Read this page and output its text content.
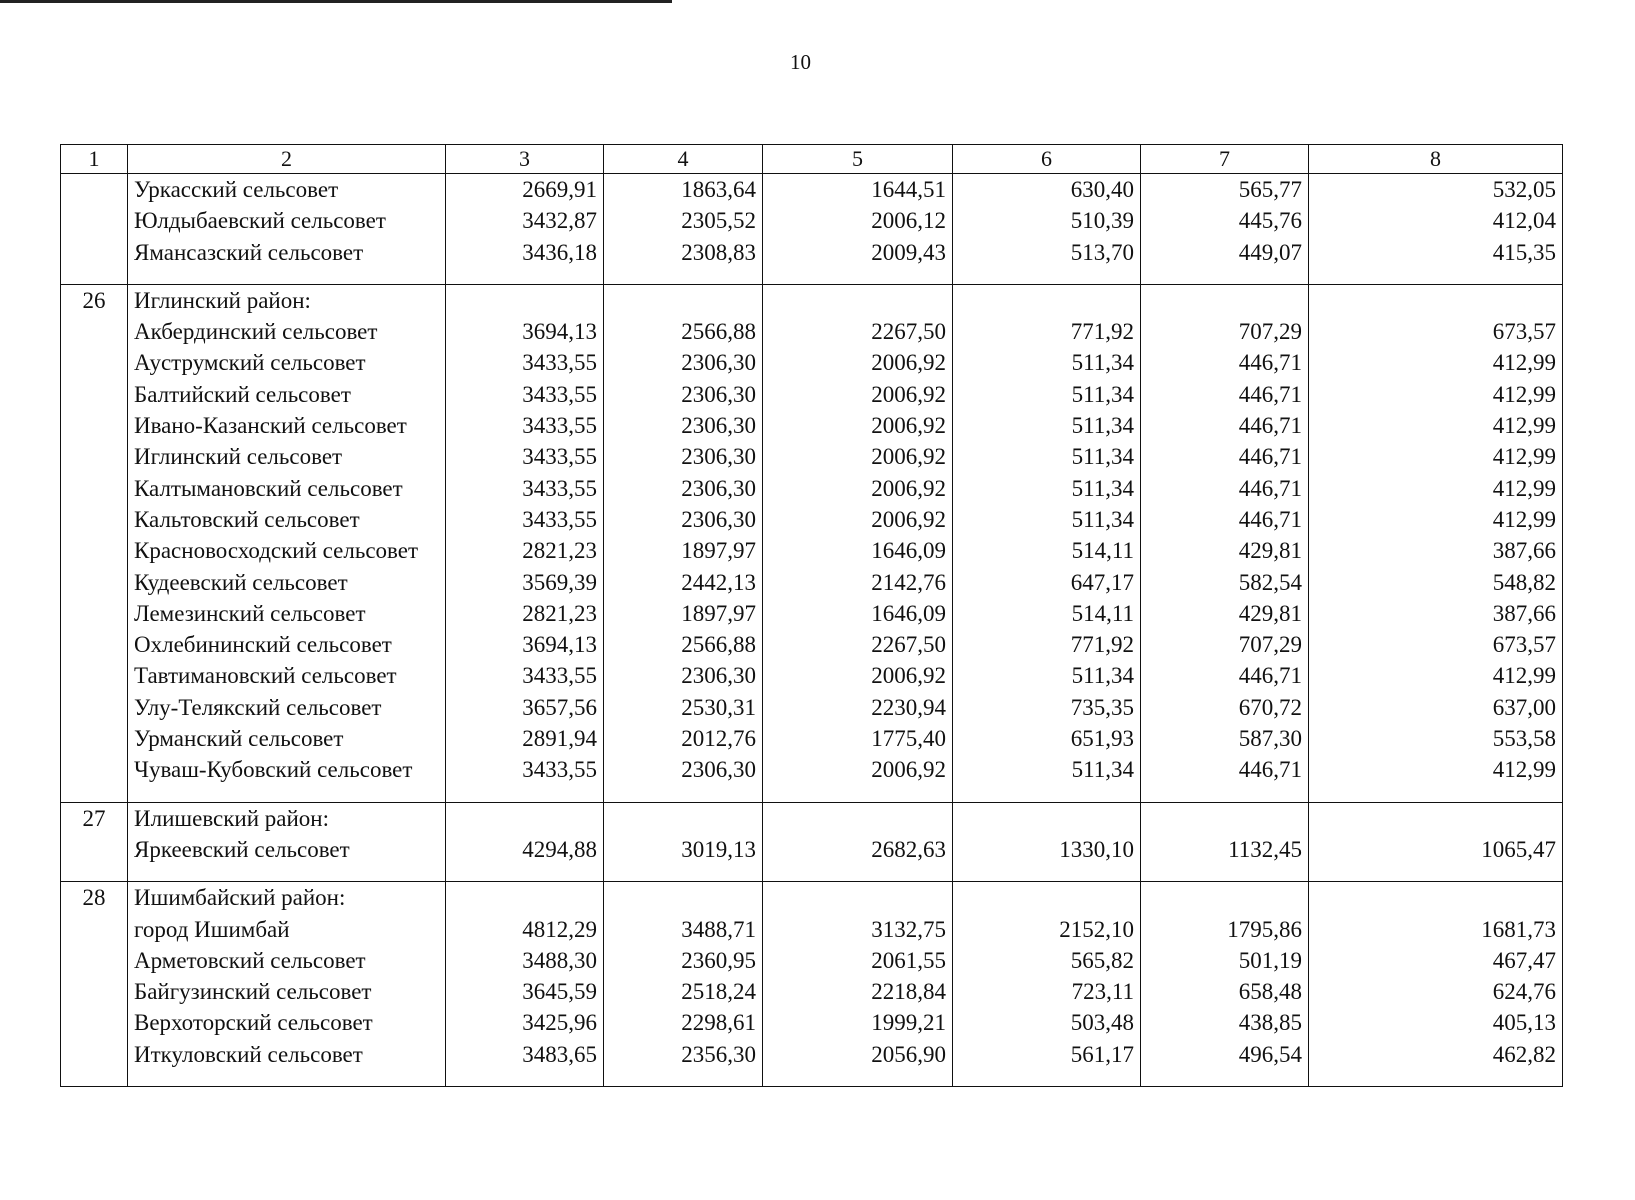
10
1	2	3	4	5	6	7	8
	Уркасский сельсовет	2669,91	1863,64	1644,51	630,40	565,77	532,05
	Юлдыбаевский сельсовет	3432,87	2305,52	2006,12	510,39	445,76	412,04
	Ямансазский сельсовет	3436,18	2308,83	2009,43	513,70	449,07	415,35

26	Иглинский район:						
	Акбердинский сельсовет	3694,13	2566,88	2267,50	771,92	707,29	673,57
	Ауструмский сельсовет	3433,55	2306,30	2006,92	511,34	446,71	412,99
	Балтийский сельсовет	3433,55	2306,30	2006,92	511,34	446,71	412,99
	Ивано-Казанский сельсовет	3433,55	2306,30	2006,92	511,34	446,71	412,99
	Иглинский сельсовет	3433,55	2306,30	2006,92	511,34	446,71	412,99
	Калтымановский сельсовет	3433,55	2306,30	2006,92	511,34	446,71	412,99
	Кальтовский сельсовет	3433,55	2306,30	2006,92	511,34	446,71	412,99
	Красновосходский сельсовет	2821,23	1897,97	1646,09	514,11	429,81	387,66
	Кудеевский сельсовет	3569,39	2442,13	2142,76	647,17	582,54	548,82
	Лемезинский сельсовет	2821,23	1897,97	1646,09	514,11	429,81	387,66
	Охлебининский сельсовет	3694,13	2566,88	2267,50	771,92	707,29	673,57
	Тавтимановский сельсовет	3433,55	2306,30	2006,92	511,34	446,71	412,99
	Улу-Телякский сельсовет	3657,56	2530,31	2230,94	735,35	670,72	637,00
	Урманский сельсовет	2891,94	2012,76	1775,40	651,93	587,30	553,58
	Чуваш-Кубовский сельсовет	3433,55	2306,30	2006,92	511,34	446,71	412,99

27	Илишевский район:						
	Яркеевский сельсовет	4294,88	3019,13	2682,63	1330,10	1132,45	1065,47

28	Ишимбайский район:						
	город Ишимбай	4812,29	3488,71	3132,75	2152,10	1795,86	1681,73
	Арметовский сельсовет	3488,30	2360,95	2061,55	565,82	501,19	467,47
	Байгузинский сельсовет	3645,59	2518,24	2218,84	723,11	658,48	624,76
	Верхоторский сельсовет	3425,96	2298,61	1999,21	503,48	438,85	405,13
	Иткуловский сельсовет	3483,65	2356,30	2056,90	561,17	496,54	462,82
